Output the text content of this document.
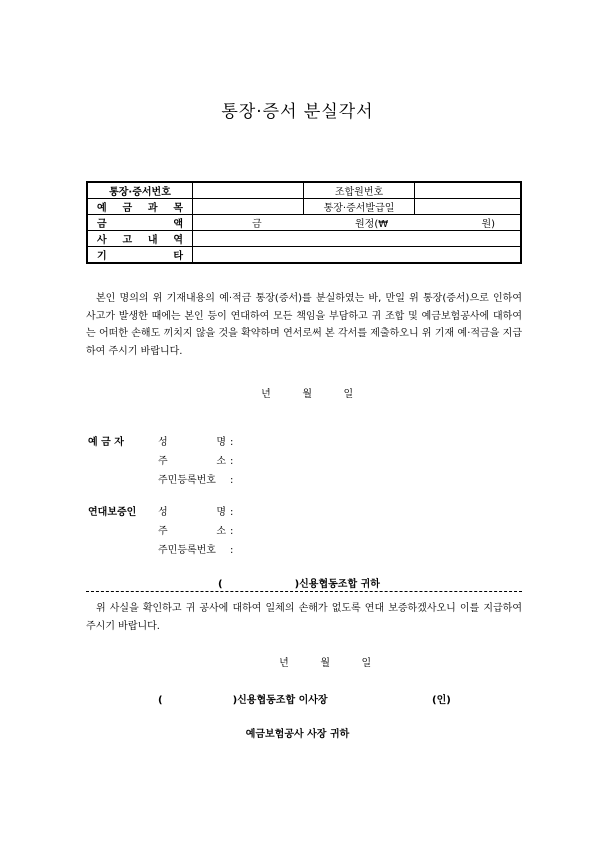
통장·증서 분실각서
통장·증서번호		조합원번호	

예 금 과 목		통장·증서발급일	

금 액	금 원정(₩ 원)		

사 고 내 역			

기 타			

본인 명의의 위 기재내용의 예·적금 통장(증서)를 분실하였는 바, 만일 위 통장(증서)으로 인하여 사고가 발생한 때에는 본인 등이 연대하여 모든 책임을 부담하고 귀 조합 및 예금보험공사에 대하여는 어떠한 손해도 끼치지 않을 것을 확약하며 연서로써 본 각서를 제출하오니 위 기재 예·적금을 지급하여 주시기 바랍니다.
년	월	일
예 금 자	성	명 :
주	소 :
주민등록번호 :
연대보증인 성	명 :
주	소 :
주민등록번호 :
(	)신용협동조합 귀하
위 사실을 확인하고 귀 공사에 대하여 일체의 손해가 없도록 연대 보증하겠사오니 이를 지급하여 주시기 바랍니다.
년	월	일
(	)신용협동조합 이사장	(인)
예금보험공사 사장 귀하
